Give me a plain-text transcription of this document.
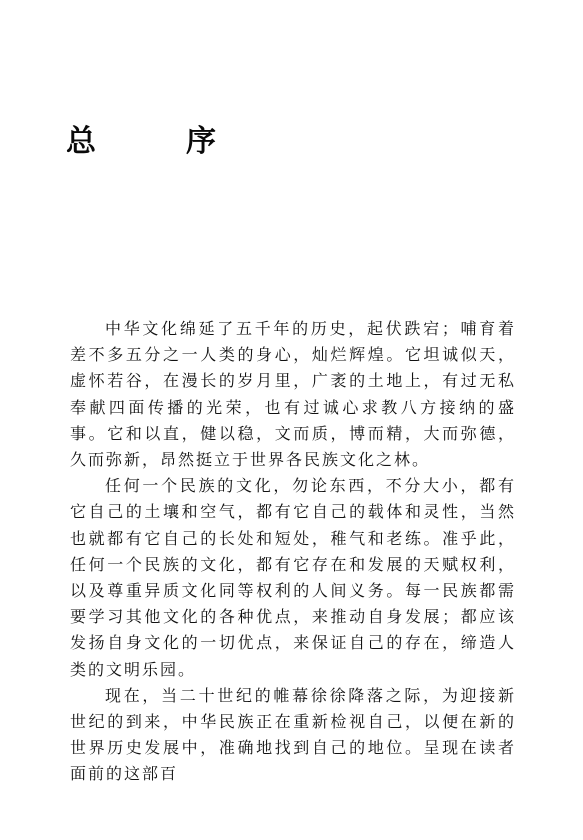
总　序

中华文化绵延了五千年的历史，起伏跌宕；哺育着差不多五分之一人类的身心，灿烂辉煌。它坦诚似天，虚怀若谷，在漫长的岁月里，广袤的土地上，有过无私奉献四面传播的光荣，也有过诚心求教八方接纳的盛事。它和以直，健以稳，文而质，博而精，大而弥德，久而弥新，昂然挺立于世界各民族文化之林。

任何一个民族的文化，勿论东西，不分大小，都有它自己的土壤和空气，都有它自己的载体和灵性，当然也就都有它自己的长处和短处，稚气和老练。准乎此，任何一个民族的文化，都有它存在和发展的天赋权利，以及尊重异质文化同等权利的人间义务。每一民族都需要学习其他文化的各种优点，来推动自身发展；都应该发扬自身文化的一切优点，来保证自己的存在，缔造人类的文明乐园。

现在，当二十世纪的帷幕徐徐降落之际，为迎接新世纪的到来，中华民族正在重新检视自己，以便在新的世界历史发展中，准确地找到自己的地位。呈现在读者面前的这部百
